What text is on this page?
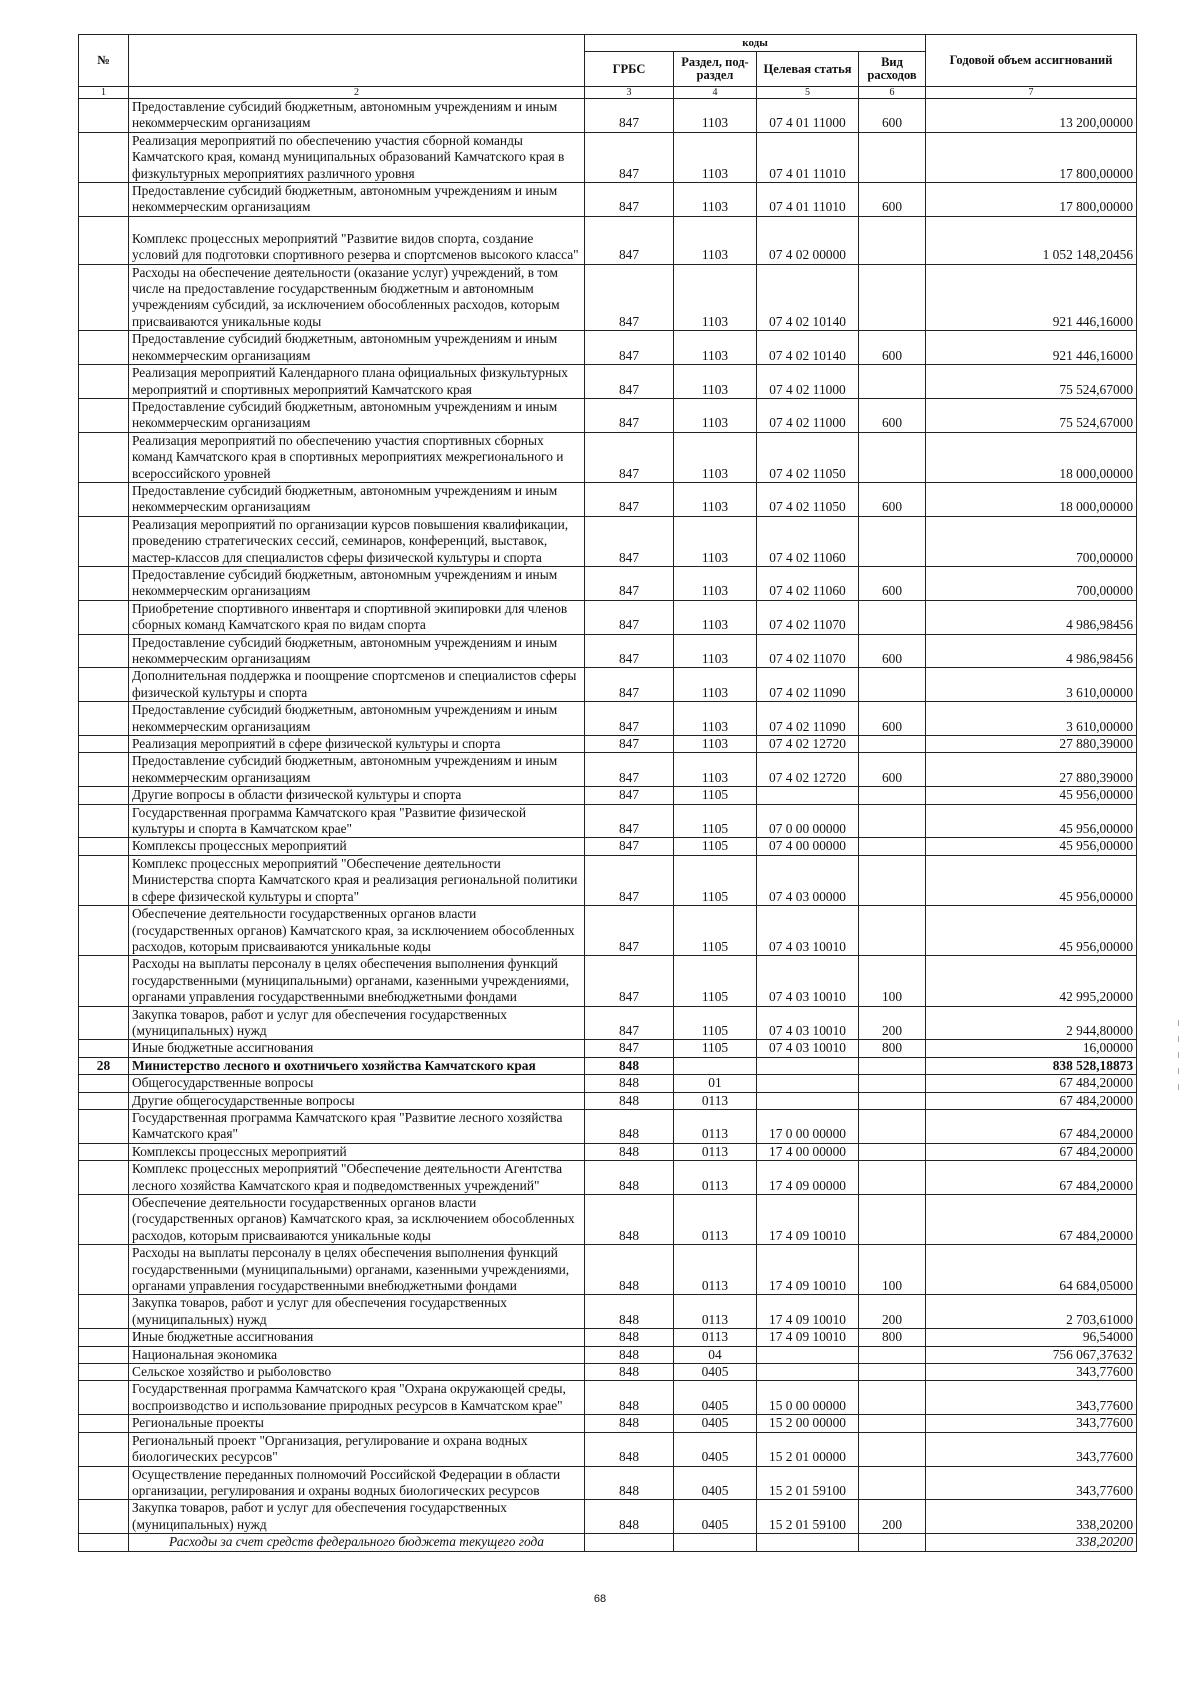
№		коды				Годовой объем ассигнований
		ГРБС	Раздел, под-раздел	Целевая статья	Вид расходов	
1	2	3	4	5	6	7
	Предоставление субсидий бюджетным, автономным учреждениям и иным некоммерческим организациям	847	1103	07 4 01 11000	600	13 200,00000
	Реализация мероприятий по обеспечению участия сборной команды Камчатского края, команд муниципальных образований Камчатского края в физкультурных мероприятиях различного уровня	847	1103	07 4 01 11010		17 800,00000
	Предоставление субсидий бюджетным, автономным учреждениям и иным некоммерческим организациям	847	1103	07 4 01 11010	600	17 800,00000
	Комплекс процессных мероприятий "Развитие видов спорта, создание условий для подготовки спортивного резерва и спортсменов высокого класса"	847	1103	07 4 02 00000		1 052 148,20456
	Расходы на обеспечение деятельности (оказание услуг) учреждений, в том числе на предоставление государственным бюджетным и автономным учреждениям субсидий, за исключением обособленных расходов, которым присваиваются уникальные коды	847	1103	07 4 02 10140		921 446,16000
	Предоставление субсидий бюджетным, автономным учреждениям и иным некоммерческим организациям	847	1103	07 4 02 10140	600	921 446,16000
	Реализация мероприятий Календарного плана официальных физкультурных мероприятий и спортивных мероприятий Камчатского края	847	1103	07 4 02 11000		75 524,67000
	Предоставление субсидий бюджетным, автономным учреждениям и иным некоммерческим организациям	847	1103	07 4 02 11000	600	75 524,67000
	Реализация мероприятий по обеспечению участия спортивных сборных команд Камчатского края в спортивных мероприятиях межрегионального и всероссийского уровней	847	1103	07 4 02 11050		18 000,00000
	Предоставление субсидий бюджетным, автономным учреждениям и иным некоммерческим организациям	847	1103	07 4 02 11050	600	18 000,00000
	Реализация мероприятий по организации курсов повышения квалификации, проведению стратегических сессий, семинаров, конференций, выставок, мастер-классов для специалистов сферы физической культуры и спорта	847	1103	07 4 02 11060		700,00000
	Предоставление субсидий бюджетным, автономным учреждениям и иным некоммерческим организациям	847	1103	07 4 02 11060	600	700,00000
	Приобретение спортивного инвентаря и спортивной экипировки для членов сборных команд Камчатского края по видам спорта	847	1103	07 4 02 11070		4 986,98456
	Предоставление субсидий бюджетным, автономным учреждениям и иным некоммерческим организациям	847	1103	07 4 02 11070	600	4 986,98456
	Дополнительная поддержка и поощрение спортсменов и специалистов сферы физической культуры и спорта	847	1103	07 4 02 11090		3 610,00000
	Предоставление субсидий бюджетным, автономным учреждениям и иным некоммерческим организациям	847	1103	07 4 02 11090	600	3 610,00000
	Реализация мероприятий в сфере физической культуры и спорта	847	1103	07 4 02 12720		27 880,39000
	Предоставление субсидий бюджетным, автономным учреждениям и иным некоммерческим организациям	847	1103	07 4 02 12720	600	27 880,39000
	Другие вопросы в области физической культуры и спорта	847	1105			45 956,00000
	Государственная программа Камчатского края "Развитие физической культуры и спорта в Камчатском крае"	847	1105	07 0 00 00000		45 956,00000
	Комплексы процессных мероприятий	847	1105	07 4 00 00000		45 956,00000
	Комплекс процессных мероприятий "Обеспечение деятельности Министерства спорта Камчатского края и реализация региональной политики в сфере физической культуры и спорта"	847	1105	07 4 03 00000		45 956,00000
	Обеспечение деятельности государственных органов власти (государственных органов) Камчатского края, за исключением обособленных расходов, которым присваиваются уникальные коды	847	1105	07 4 03 10010		45 956,00000
	Расходы на выплаты персоналу в целях обеспечения выполнения функций государственными (муниципальными) органами, казенными учреждениями, органами управления государственными внебюджетными фондами	847	1105	07 4 03 10010	100	42 995,20000
	Закупка товаров, работ и услуг для обеспечения государственных (муниципальных) нужд	847	1105	07 4 03 10010	200	2 944,80000
	Иные бюджетные ассигнования	847	1105	07 4 03 10010	800	16,00000
28	Министерство лесного и охотничьего хозяйства Камчатского края	848				838 528,18873
	Общегосударственные вопросы	848	01			67 484,20000
	Другие общегосударственные вопросы	848	0113			67 484,20000
	Государственная программа Камчатского края "Развитие лесного хозяйства Камчатского края"	848	0113	17 0 00 00000		67 484,20000
	Комплексы процессных мероприятий	848	0113	17 4 00 00000		67 484,20000
	Комплекс процессных мероприятий "Обеспечение деятельности Агентства лесного хозяйства Камчатского края и подведомственных учреждений"	848	0113	17 4 09 00000		67 484,20000
	Обеспечение деятельности государственных органов власти (государственных органов) Камчатского края, за исключением обособленных расходов, которым присваиваются уникальные коды	848	0113	17 4 09 10010		67 484,20000
	Расходы на выплаты персоналу в целях обеспечения выполнения функций государственными (муниципальными) органами, казенными учреждениями, органами управления государственными внебюджетными фондами	848	0113	17 4 09 10010	100	64 684,05000
	Закупка товаров, работ и услуг для обеспечения государственных (муниципальных) нужд	848	0113	17 4 09 10010	200	2 703,61000
	Иные бюджетные ассигнования	848	0113	17 4 09 10010	800	96,54000
	Национальная экономика	848	04			756 067,37632
	Сельское хозяйство и рыболовство	848	0405			343,77600
	Государственная программа Камчатского края "Охрана окружающей среды, воспроизводство и использование природных ресурсов в Камчатском крае"	848	0405	15 0 00 00000		343,77600
	Региональные проекты	848	0405	15 2 00 00000		343,77600
	Региональный проект "Организация, регулирование и охрана водных биологических ресурсов"	848	0405	15 2 01 00000		343,77600
	Осуществление переданных полномочий Российской Федерации в области организации, регулирования и охраны водных биологических ресурсов	848	0405	15 2 01 59100		343,77600
	Закупка товаров, работ и услуг для обеспечения государственных (муниципальных) нужд	848	0405	15 2 01 59100	200	338,20200
	Расходы за счет средств федерального бюджета текущего года					338,20200
68
